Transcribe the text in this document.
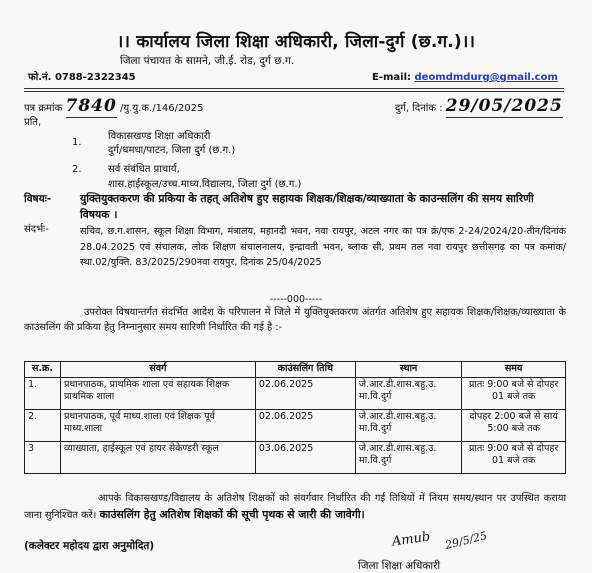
।। कार्यालय जिला शिक्षा अधिकारी, जिला-दुर्ग (छ.ग.)।।
जिला पंचायत के सामने, जी.ई. रोड, दुर्ग छ.ग.
फो.नं. 0788-2322345	E-mail: deomdmdurg@gmail.com
पत्र क्रमांक 7840 /यु.यु.क./146/2025	दुर्ग, दिनांक : 29/05/2025
प्रति,
1.
विकासखण्ड शिक्षा अधिकारी
दुर्ग/धमधा/पाटन, जिला दुर्ग (छ.ग.)
2.	सर्व संबंधित प्राचार्य,
शास.हाईस्कूल/उच्च.माध्य.विद्यालय, जिला दुर्ग (छ.ग.)
विषयः-	युक्तियुक्तकरण की प्रकिया के तहत् अतिशेष हुए सहायक शिक्षक/शिक्षक/व्याख्याता के काउन्सलिंग की समय सारिणी विषयक ।
संदर्भः-	सचिव, छ.ग.शासन, स्कूल शिक्षा विभाग, मंत्रालय, महानदी भवन, नवा रायपुर, अटल नगर का पत्र क्रं/एफ 2-24/2024/20-तीन/दिनांक 28.04.2025 एवं संचालक, लोक शिक्षण संचालनालय, इन्द्रावती भवन, ब्लाक सी, प्रथम तल नवा रायपुर छत्तीसगढ़ का पत्र कमांक/स्था.02/युक्ति. 83/2025/290नवा रायपुर, दिनांक 25/04/2025
-----000-----
उपरोक्त विषयान्तर्गत संदर्भित आदेश के परिपालन में जिले में युक्तियुक्तकरण अंतर्गत अतिशेष हुए सहायक शिक्षक/शिक्षक/व्याख्याता के काउंसलिंग की प्रकिया हेतु निम्नानुसार समय सारिणी निर्धारित की गई है :-
स.क्र.	संवर्ग	काउंसलिंग तिथि	स्थान	समय
1.	प्रधानपाठक, प्राथमिक शाला एवं सहायक शिक्षक प्राथमिक शाला	02.06.2025	जे.आर.डी.शास.बहु.उ. मा.वि.दुर्ग	प्रातः 9:00 बजे से दोपहर 01 बजे तक
2.	प्रधानपाठक, पूर्व माध्य.शाला एवं शिक्षक पूर्व माध्य.शाला	02.06.2025	जे.आर.डी.शास.बहु.उ. मा.वि.दुर्ग	दोपहर 2:00 बजे से सायं 5:00 बजे तक
3	व्याख्याता, हाईस्कूल एवं हायर सेकेण्डरी स्कूल	03.06.2025	जे.आर.डी.शास.बहु.उ. मा.वि.दुर्ग	प्रातः 9:00 बजे से दोपहर 01 बजे तक
आपके विकासखण्ड/विद्यालय के अतिशेष शिक्षकों को संवर्गवार निर्धारित की गई तिथियों में नियम समय/स्थान पर उपस्थित कराया जाना सुनिश्चित करें। काउंसलिंग हेतु अतिशेष शिक्षकों की सूची पृथक से जारी की जावेगी।
(कलेक्टर महोदय द्वारा अनुमोदित)	Amub 29/5/25
जिला शिक्षा अधिकारी
